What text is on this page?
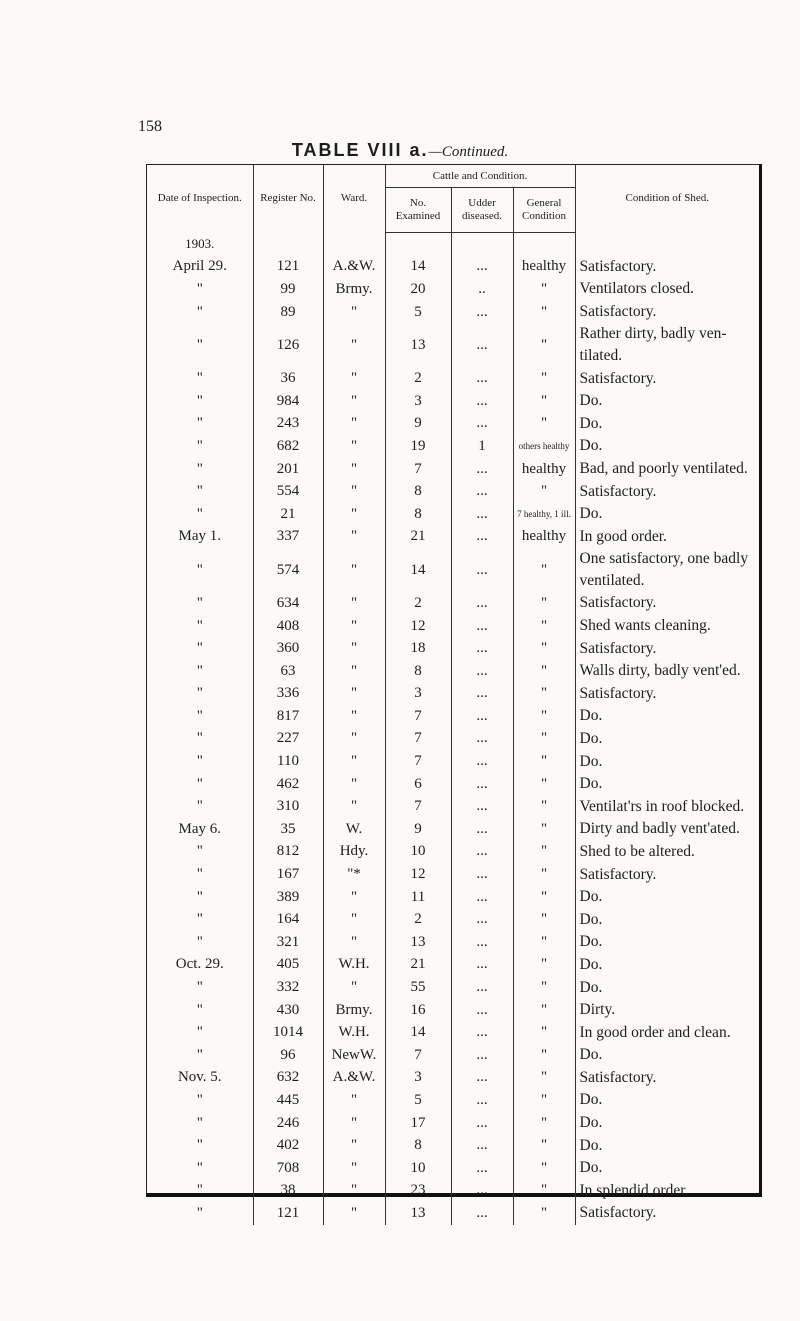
158
TABLE VIII a.—Continued.
Date of Inspection.	Register No.	Ward.	Cattle and Condition.			Condition of Shed.
			No. Examined	Udder diseased.	General Condition	
1903.						
April 29.	121	A.&W.	14	...	healthy	Satisfactory.
"	99	Brmy.	20	..	"	Ventilators closed.
"	89	"	5	...	"	Satisfactory.
"	126	"	13	...	"	Rather dirty, badly ven- tilated.
"	36	"	2	...	"	Satisfactory.
"	984	"	3	...	"	Do.
"	243	"	9	...	"	Do.
"	682	"	19	1	others healthy	Do.
"	201	"	7	...	healthy	Bad, and poorly ventilated.
"	554	"	8	...	"	Satisfactory.
"	21	"	8	...	7 healthy, 1 ill.	Do.
May 1.	337	"	21	...	healthy	In good order.
"	574	"	14	...	"	One satisfactory, one badly ventilated.
"	634	"	2	...	"	Satisfactory.
"	408	"	12	...	"	Shed wants cleaning.
"	360	"	18	...	"	Satisfactory.
"	63	"	8	...	"	Walls dirty, badly vent'ed.
"	336	"	3	...	"	Satisfactory.
"	817	"	7	...	"	Do.
"	227	"	7	...	"	Do.
"	110	"	7	...	"	Do.
"	462	"	6	...	"	Do.
"	310	"	7	...	"	Ventilat'rs in roof blocked.
May 6.	35	W.	9	...	"	Dirty and badly vent'ated.
"	812	Hdy.	10	...	"	Shed to be altered.
"	167	"*	12	...	"	Satisfactory.
"	389	"	11	...	"	Do.
"	164	"	2	...	"	Do.
"	321	"	13	...	"	Do.
Oct. 29.	405	W.H.	21	...	"	Do.
"	332	"	55	...	"	Do.
"	430	Brmy.	16	...	"	Dirty.
"	1014	W.H.	14	...	"	In good order and clean.
"	96	NewW.	7	...	"	Do.
Nov. 5.	632	A.&W.	3	...	"	Satisfactory.
"	445	"	5	...	"	Do.
"	246	"	17	...	"	Do.
"	402	"	8	...	"	Do.
"	708	"	10	...	"	Do.
"	38	"	23	...	"	In splendid order.
"	121	"	13	...	"	Satisfactory.
